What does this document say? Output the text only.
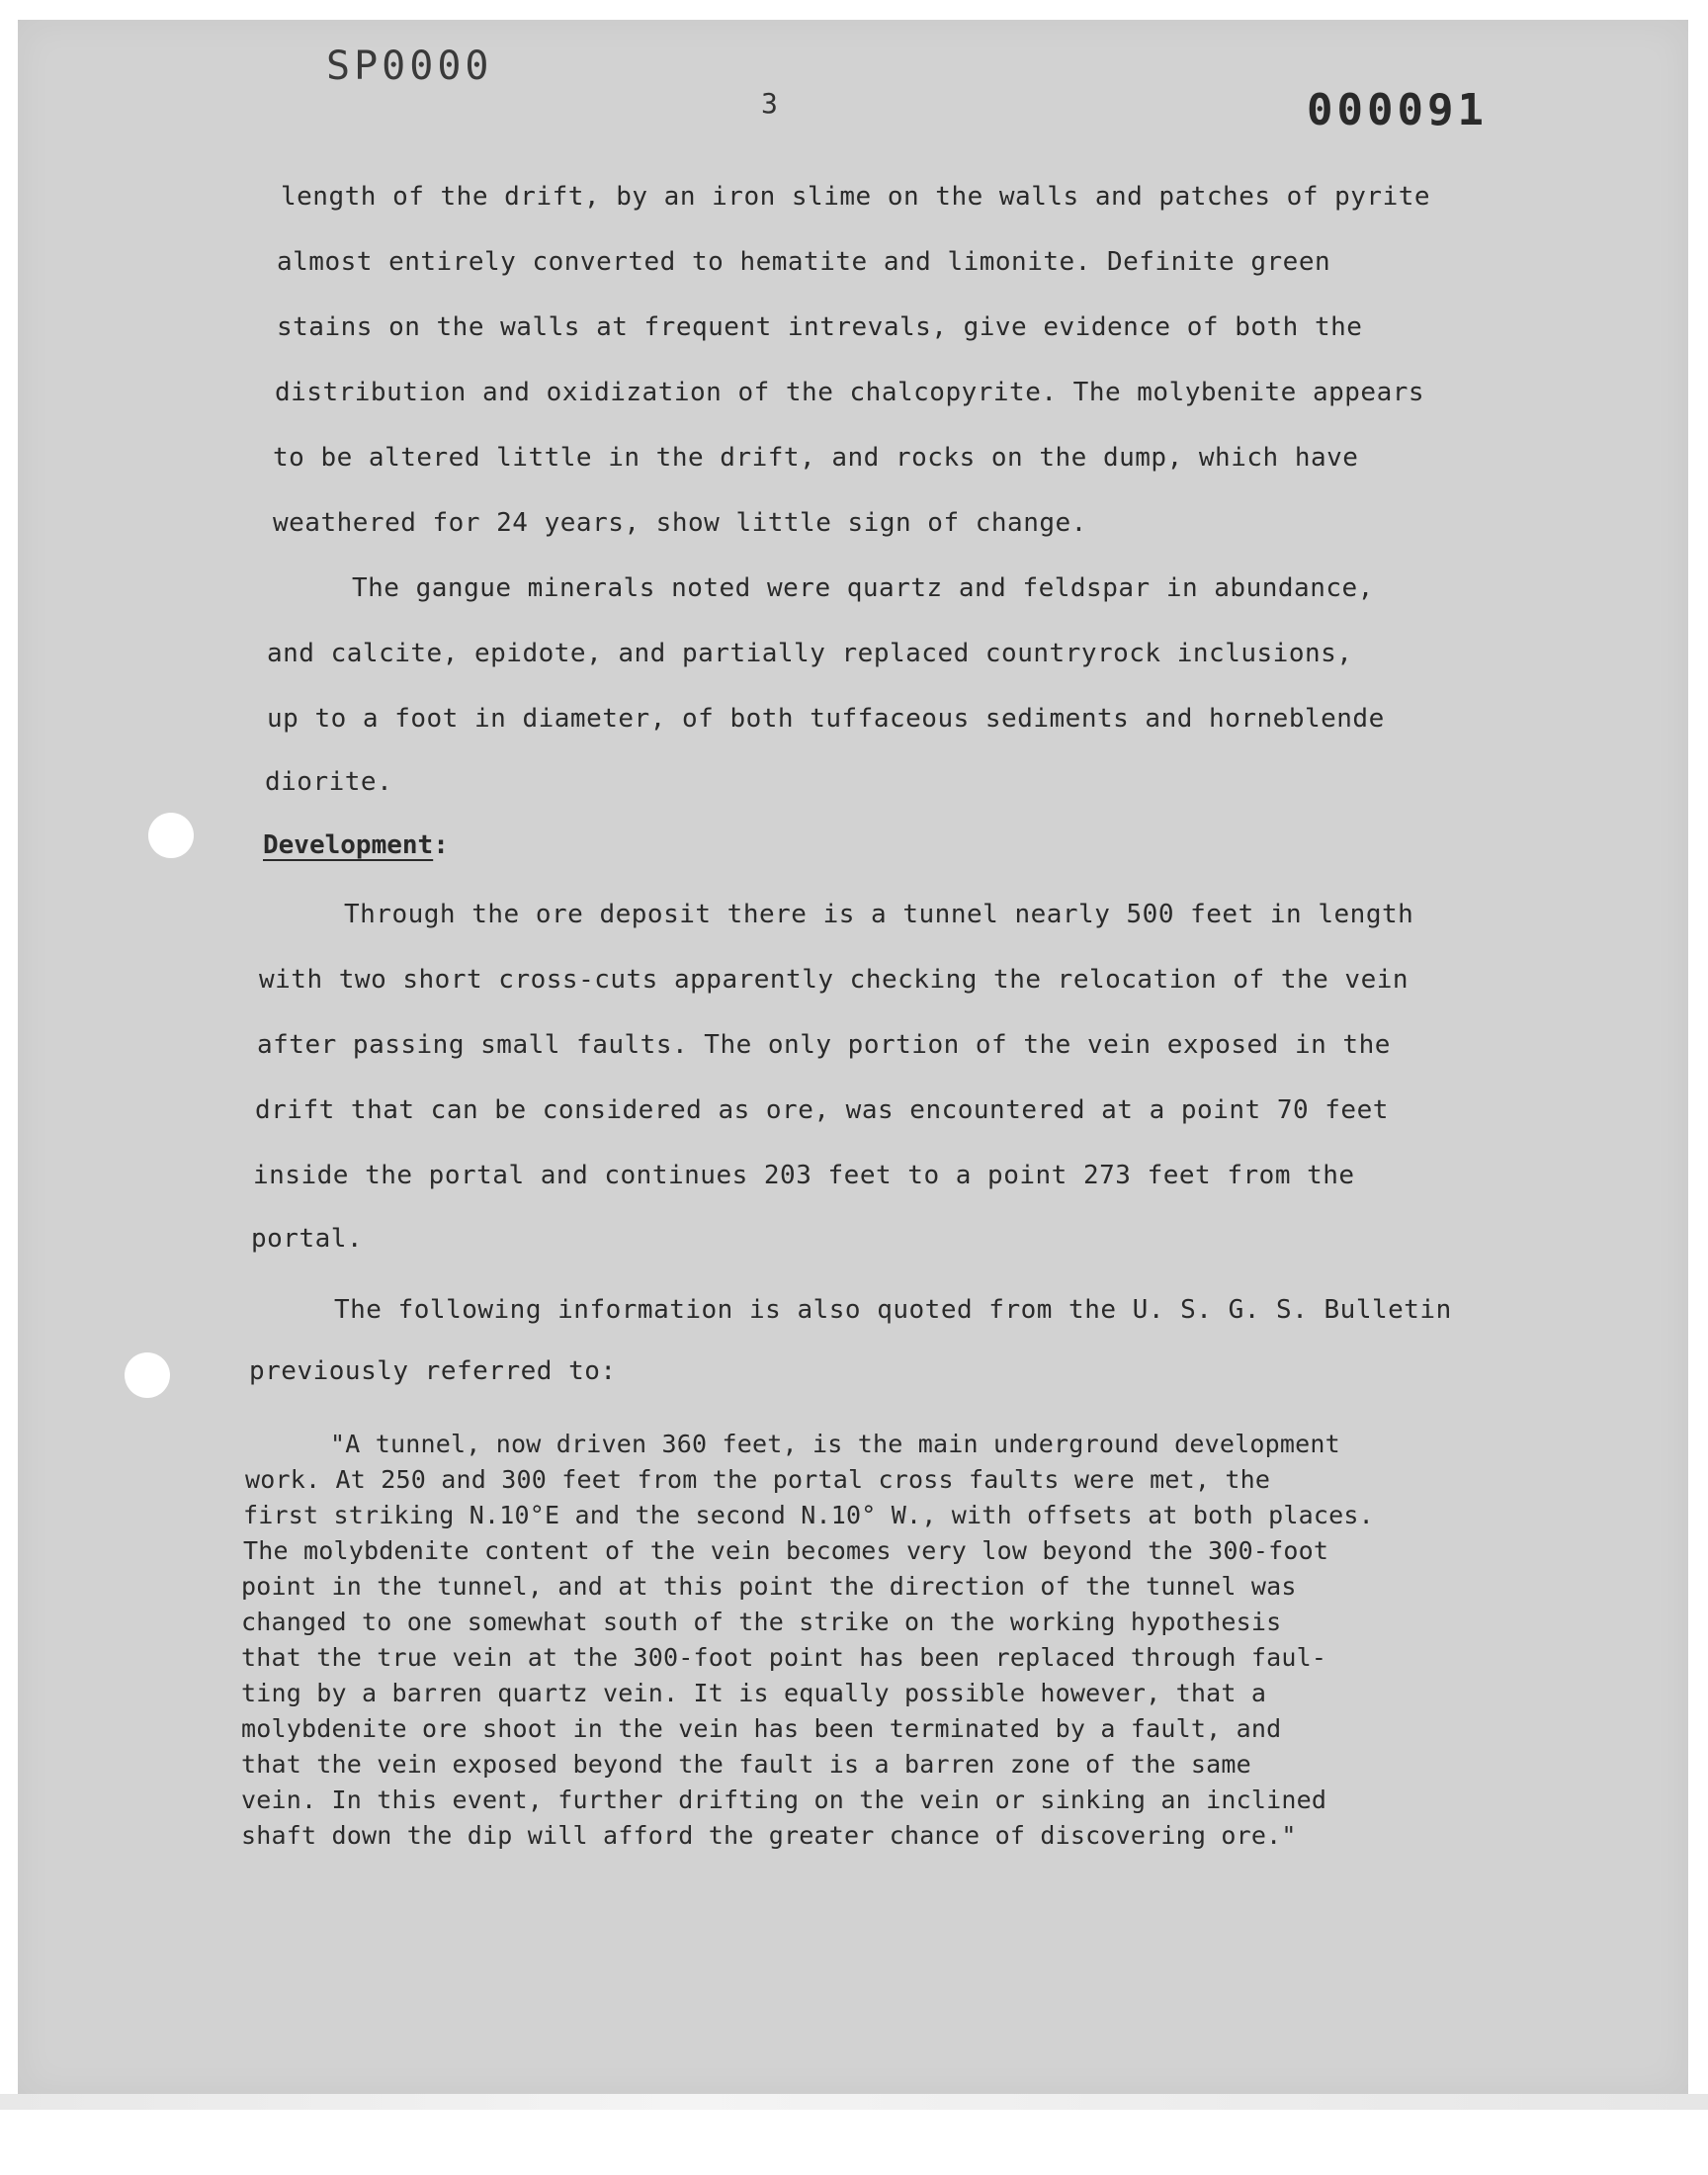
SP0000
3	000091
length of the drift, by an iron slime on the walls and patches of pyrite
almost entirely converted to hematite and limonite. Definite green
stains on the walls at frequent intrevals, give evidence of both the
distribution and oxidization of the chalcopyrite. The molybenite appears
to be altered little in the drift, and rocks on the dump, which have
weathered for 24 years, show little sign of change.
The gangue minerals noted were quartz and feldspar in abundance,
and calcite, epidote, and partially replaced countryrock inclusions,
up to a foot in diameter, of both tuffaceous sediments and horneblende
diorite.
Development:
Through the ore deposit there is a tunnel nearly 500 feet in length
with two short cross-cuts apparently checking the relocation of the vein
after passing small faults. The only portion of the vein exposed in the
drift that can be considered as ore, was encountered at a point 70 feet
inside the portal and continues 203 feet to a point 273 feet from the
portal.
The following information is also quoted from the U. S. G. S. Bulletin
previously referred to:
"A tunnel, now driven 360 feet, is the main underground development
work. At 250 and 300 feet from the portal cross faults were met, the
first striking N.10°E and the second N.10° W., with offsets at both places.
The molybdenite content of the vein becomes very low beyond the 300-foot
point in the tunnel, and at this point the direction of the tunnel was
changed to one somewhat south of the strike on the working hypothesis
that the true vein at the 300-foot point has been replaced through faul-
ting by a barren quartz vein. It is equally possible however, that a
molybdenite ore shoot in the vein has been terminated by a fault, and
that the vein exposed beyond the fault is a barren zone of the same
vein. In this event, further drifting on the vein or sinking an inclined
shaft down the dip will afford the greater chance of discovering ore."
